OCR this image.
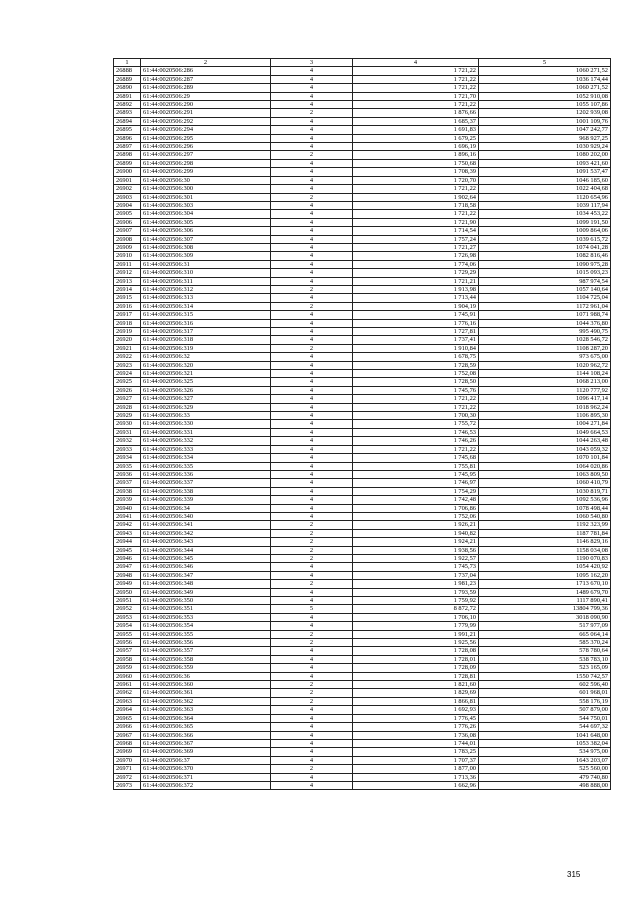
1	2	3	4	5
26888	61:44:0020506:286	4	1 721,22	1060 271,52
26889	61:44:0020506:287	4	1 721,22	1036 174,44
26890	61:44:0020506:289	4	1 721,22	1060 271,52
26891	61:44:0020506:29	4	1 721,70	1052 910,08
26892	61:44:0020506:290	4	1 721,22	1055 107,86
26893	61:44:0020506:291	2	1 876,66	1202 939,08
26894	61:44:0020506:292	4	1 685,37	1001 109,76
26895	61:44:0020506:294	4	1 691,83	1047 242,77
26896	61:44:0020506:295	4	1 679,25	968 927,25
26897	61:44:0020506:296	4	1 696,19	1030 929,24
26898	61:44:0020506:297	2	1 896,16	1080 202,00
26899	61:44:0020506:298	4	1 750,68	1093 421,60
26900	61:44:0020506:299	4	1 708,39	1091 537,47
26901	61:44:0020506:30	4	1 720,70	1046 185,60
26902	61:44:0020506:300	4	1 721,22	1022 404,68
26903	61:44:0020506:301	2	1 902,64	1120 654,96
26904	61:44:0020506:303	4	1 718,58	1039 117,94
26905	61:44:0020506:304	4	1 721,22	1034 453,22
26906	61:44:0020506:305	4	1 721,90	1099 191,50
26907	61:44:0020506:306	4	1 714,54	1009 864,06
26908	61:44:0020506:307	4	1 757,24	1039 615,72
26909	61:44:0020506:308	4	1 721,27	1074 041,28
26910	61:44:0020506:309	4	1 726,98	1082 816,46
26911	61:44:0020506:31	4	1 774,06	1090 975,28
26912	61:44:0020506:310	4	1 729,29	1015 093,23
26913	61:44:0020506:311	4	1 721,21	987 974,54
26914	61:44:0020506:312	2	1 913,98	1057 140,64
26915	61:44:0020506:313	4	1 713,44	1104 725,04
26916	61:44:0020506:314	2	1 904,19	1172 961,04
26917	61:44:0020506:315	4	1 745,91	1071 988,74
26918	61:44:0020506:316	4	1 776,16	1044 376,80
26919	61:44:0020506:317	4	1 727,81	995 490,75
26920	61:44:0020506:318	4	1 737,41	1028 546,72
26921	61:44:0020506:319	2	1 910,84	1108 287,20
26922	61:44:0020506:32	4	1 678,75	973 675,00
26923	61:44:0020506:320	4	1 728,59	1020 962,72
26924	61:44:0020506:321	4	1 752,08	1144 108,24
26925	61:44:0020506:325	4	1 728,50	1068 213,00
26926	61:44:0020506:326	4	1 745,76	1120 777,92
26927	61:44:0020506:327	4	1 721,22	1096 417,14
26928	61:44:0020506:329	4	1 721,22	1018 962,24
26929	61:44:0020506:33	4	1 700,30	1106 895,30
26930	61:44:0020506:330	4	1 755,72	1004 271,84
26931	61:44:0020506:331	4	1 746,53	1049 664,53
26932	61:44:0020506:332	4	1 746,26	1044 263,48
26933	61:44:0020506:333	4	1 721,22	1043 059,32
26934	61:44:0020506:334	4	1 745,68	1070 101,84
26935	61:44:0020506:335	4	1 755,81	1064 020,86
26936	61:44:0020506:336	4	1 745,95	1063 809,50
26937	61:44:0020506:337	4	1 746,97	1060 410,79
26938	61:44:0020506:338	4	1 754,29	1030 819,71
26939	61:44:0020506:339	4	1 742,48	1092 536,96
26940	61:44:0020506:34	4	1 706,86	1078 498,44
26941	61:44:0020506:340	4	1 752,06	1060 540,80
26942	61:44:0020506:341	2	1 926,21	1192 323,99
26943	61:44:0020506:342	2	1 940,82	1187 781,84
26944	61:44:0020506:343	2	1 924,21	1146 829,16
26945	61:44:0020506:344	2	1 938,56	1158 034,08
26946	61:44:0020506:345	2	1 922,57	1190 070,83
26947	61:44:0020506:346	4	1 745,73	1054 420,92
26948	61:44:0020506:347	4	1 737,04	1095 162,20
26949	61:44:0020506:348	2	1 981,23	1713 670,10
26950	61:44:0020506:349	4	1 793,59	1489 679,70
26951	61:44:0020506:350	4	1 759,92	1117 890,41
26952	61:44:0020506:351	5	8 872,72	13804 799,36
26953	61:44:0020506:353	4	1 706,10	3018 090,90
26954	61:44:0020506:354	4	1 779,99	517 977,09
26955	61:44:0020506:355	2	1 991,21	665 064,14
26956	61:44:0020506:356	2	1 925,56	585 370,24
26957	61:44:0020506:357	4	1 728,08	578 780,64
26958	61:44:0020506:358	4	1 728,01	538 783,10
26959	61:44:0020506:359	4	1 728,09	523 165,09
26960	61:44:0020506:36	4	1 728,81	1550 742,57
26961	61:44:0020506:360	2	1 821,60	602 596,40
26962	61:44:0020506:361	2	1 829,69	601 968,01
26963	61:44:0020506:362	2	1 866,81	558 176,19
26964	61:44:0020506:363	4	1 692,93	507 879,00
26965	61:44:0020506:364	4	1 776,45	544 750,01
26966	61:44:0020506:365	4	1 776,26	544 697,32
26967	61:44:0020506:366	4	1 736,08	1041 648,00
26968	61:44:0020506:367	4	1 744,01	1053 382,04
26969	61:44:0020506:369	4	1 783,25	534 975,00
26970	61:44:0020506:37	4	1 707,37	1643 203,07
26971	61:44:0020506:370	2	1 877,00	525 560,00
26972	61:44:0020506:371	4	1 713,36	479 740,80
26973	61:44:0020506:372	4	1 662,96	498 888,00
315
